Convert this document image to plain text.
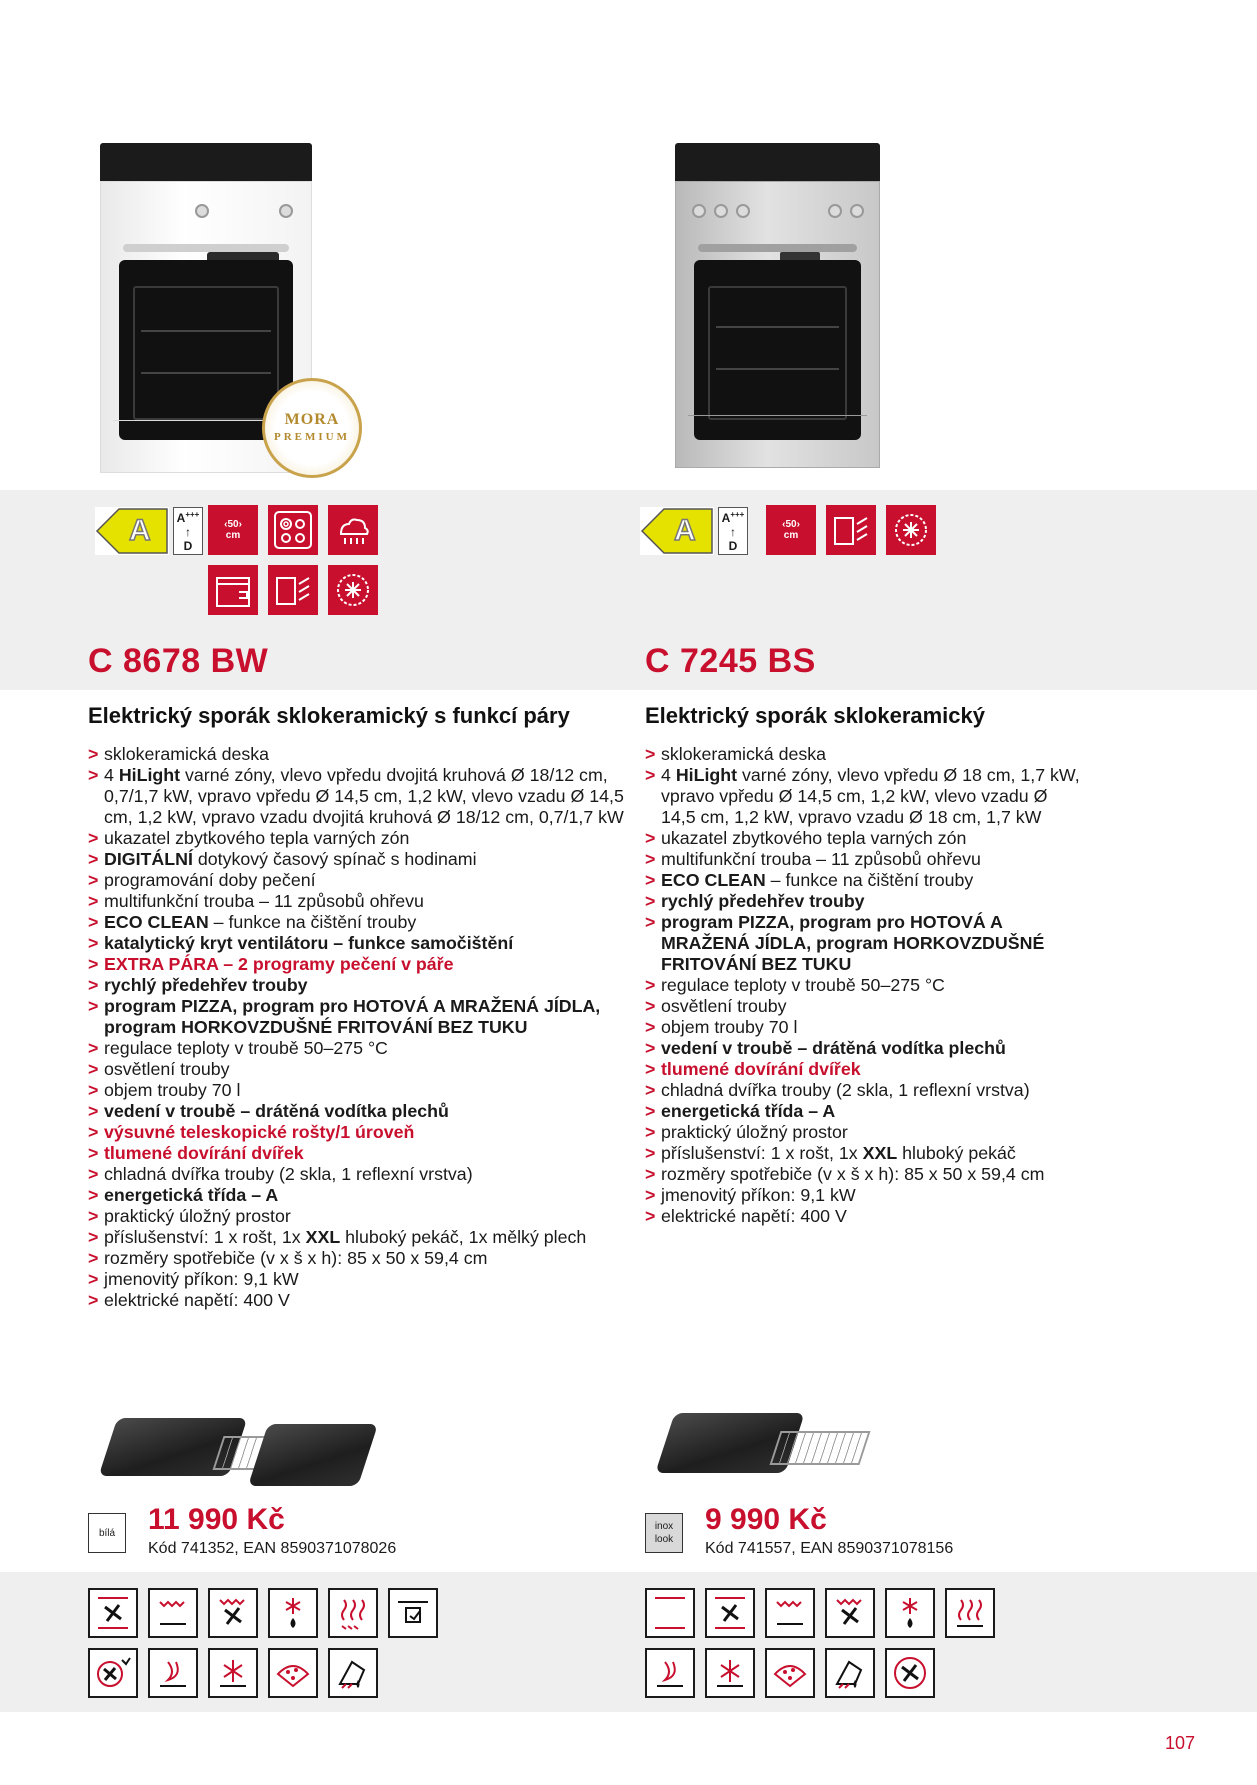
MORA
PREMIUM
A A+++
↑
D
‹50›
cm
C 8678 BW
Elektrický sporák sklokeramický s funkcí páry
> sklokeramická deska
> 4 HiLight varné zóny, vlevo vpředu dvojitá kruhová Ø 18/12 cm, 0,7/1,7 kW, vpravo vpředu Ø 14,5 cm, 1,2 kW, vlevo vzadu Ø 14,5 cm, 1,2 kW, vpravo vzadu dvojitá kruhová Ø 18/12 cm, 0,7/1,7 kW
> ukazatel zbytkového tepla varných zón
> DIGITÁLNÍ dotykový časový spínač s hodinami
> programování doby pečení
> multifunkční trouba – 11 způsobů ohřevu
> ECO CLEAN – funkce na čištění trouby
> katalytický kryt ventilátoru – funkce samočištění
> EXTRA PÁRA – 2 programy pečení v páře
> rychlý předehřev trouby
> program PIZZA, program pro HOTOVÁ A MRAŽENÁ JÍDLA, program HORKOVZDUŠNÉ FRITOVÁNÍ BEZ TUKU
> regulace teploty v troubě 50–275 °C
> osvětlení trouby
> objem trouby 70 l
> vedení v troubě – drátěná vodítka plechů
> výsuvné teleskopické rošty/1 úroveň
> tlumené dovírání dvířek
> chladná dvířka trouby (2 skla, 1 reflexní vrstva)
> energetická třída – A
> praktický úložný prostor
> příslušenství: 1 x rošt, 1x XXL hluboký pekáč, 1x mělký plech
> rozměry spotřebiče (v x š x h): 85 x 50 x 59,4 cm
> jmenovitý příkon: 9,1 kW
> elektrické napětí: 400 V
bílá	11 990 Kč
Kód 741352, EAN 8590371078026
A A+++
↑
D
‹50›
cm
C 7245 BS
Elektrický sporák sklokeramický
> sklokeramická deska
> 4 HiLight varné zóny, vlevo vpředu Ø 18 cm, 1,7 kW, vpravo vpředu Ø 14,5 cm, 1,2 kW, vlevo vzadu Ø 14,5 cm, 1,2 kW, vpravo vzadu Ø 18 cm, 1,7 kW
> ukazatel zbytkového tepla varných zón
> multifunkční trouba – 11 způsobů ohřevu
> ECO CLEAN – funkce na čištění trouby
> rychlý předehřev trouby
> program PIZZA, program pro HOTOVÁ A MRAŽENÁ JÍDLA, program HORKOVZDUŠNÉ FRITOVÁNÍ BEZ TUKU
> regulace teploty v troubě 50–275 °C
> osvětlení trouby
> objem trouby 70 l
> vedení v troubě – drátěná vodítka plechů
> tlumené dovírání dvířek
> chladná dvířka trouby (2 skla, 1 reflexní vrstva)
> energetická třída – A
> praktický úložný prostor
> příslušenství: 1 x rošt, 1x XXL hluboký pekáč
> rozměry spotřebiče (v x š x h): 85 x 50 x 59,4 cm
> jmenovitý příkon: 9,1 kW
> elektrické napětí: 400 V
inox
look
9 990 Kč
Kód 741557, EAN 8590371078156
107
